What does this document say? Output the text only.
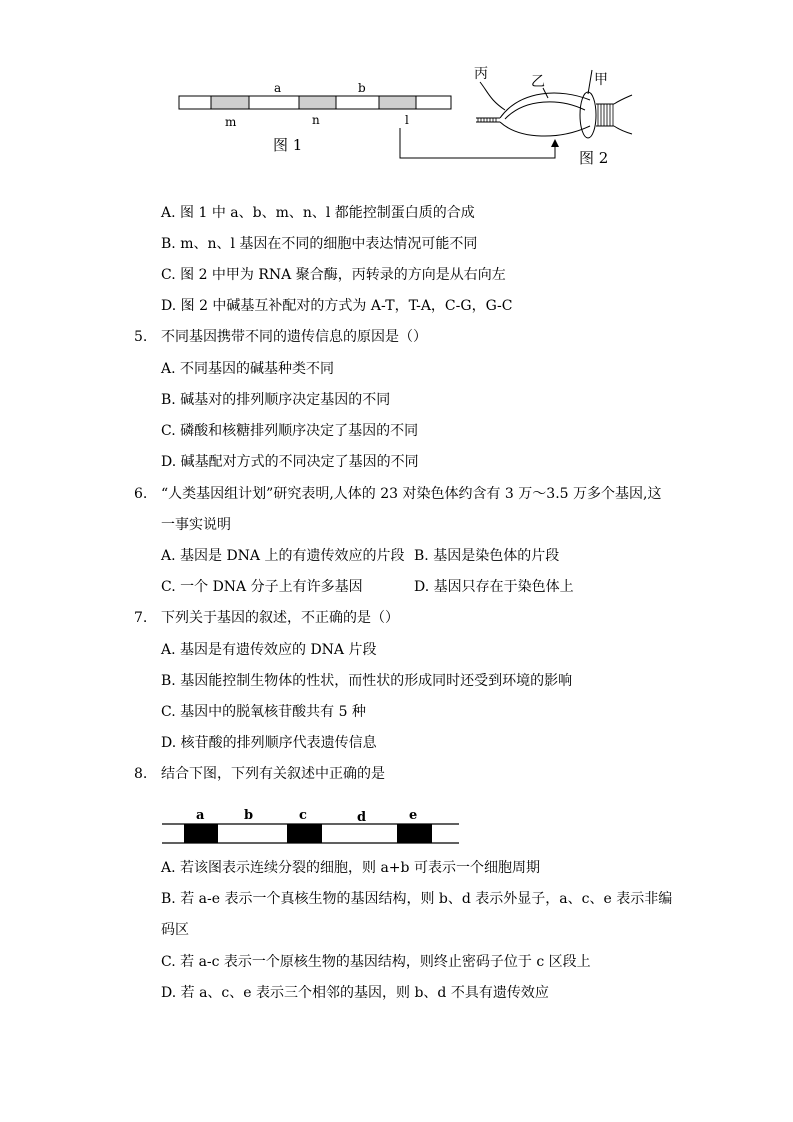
a	b
m	n	l
图 1
丙	乙	甲
图 2
A. 图 1 中 a、b、m、n、l 都能控制蛋白质的合成
B. m、n、l 基因在不同的细胞中表达情况可能不同
C. 图 2 中甲为 RNA 聚合酶，丙转录的方向是从右向左
D. 图 2 中碱基互补配对的方式为 A-T，T-A，C-G，G-C
5. 不同基因携带不同的遗传信息的原因是（）
A. 不同基因的碱基种类不同
B. 碱基对的排列顺序决定基因的不同
C. 磷酸和核糖排列顺序决定了基因的不同
D. 碱基配对方式的不同决定了基因的不同
6. “人类基因组计划”研究表明,人体的 23 对染色体约含有 3 万～3.5 万多个基因,这
一事实说明
A. 基因是 DNA 上的有遗传效应的片段 B. 基因是染色体的片段
C. 一个 DNA 分子上有许多基因	D. 基因只存在于染色体上
7. 下列关于基因的叙述，不正确的是（）
A. 基因是有遗传效应的 DNA 片段
B. 基因能控制生物体的性状，而性状的形成同时还受到环境的影响
C. 基因中的脱氧核苷酸共有 5 种
D. 核苷酸的排列顺序代表遗传信息
8. 结合下图，下列有关叙述中正确的是
a	b	c	d	e
A. 若该图表示连续分裂的细胞，则 a+b 可表示一个细胞周期
B. 若 a-e 表示一个真核生物的基因结构，则 b、d 表示外显子，a、c、e 表示非编
码区
C. 若 a-c 表示一个原核生物的基因结构，则终止密码子位于 c 区段上
D. 若 a、c、e 表示三个相邻的基因，则 b、d 不具有遗传效应
